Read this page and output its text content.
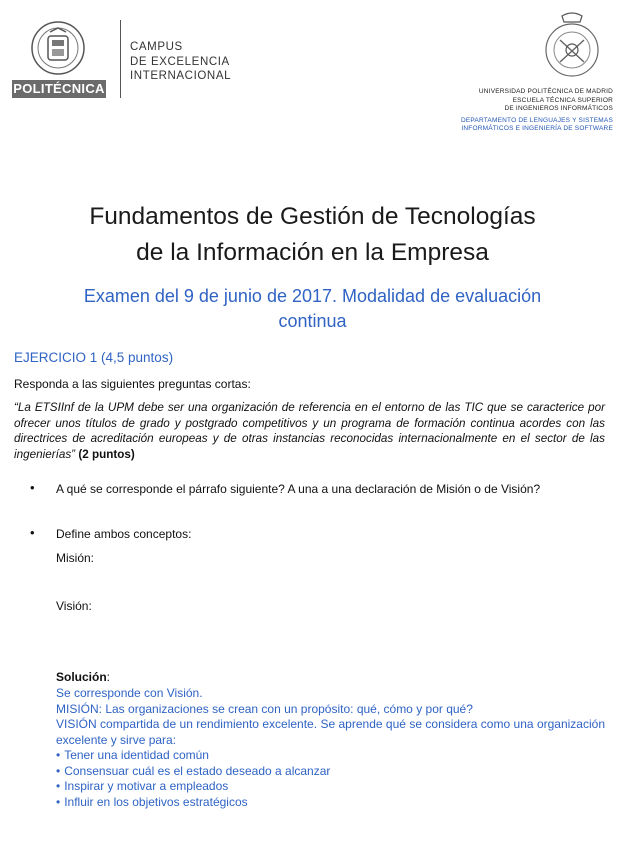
POLITÉCNICA
CAMPUS
DE EXCELENCIA
INTERNACIONAL
UNIVERSIDAD POLITÉCNICA DE MADRID
ESCUELA TÉCNICA SUPERIOR
DE INGENIEROS INFORMÁTICOS
DEPARTAMENTO DE LENGUAJES Y SISTEMAS
INFORMÁTICOS E INGENIERÍA DE SOFTWARE
Fundamentos de Gestión de Tecnologías
de la Información en la Empresa
Examen del 9 de junio de 2017. Modalidad de evaluación
continua
EJERCICIO 1 (4,5 puntos)
Responda a las siguientes preguntas cortas:
“La ETSIInf de la UPM debe ser una organización de referencia en el entorno de las TIC que se caracterice por ofrecer unos títulos de grado y postgrado competitivos y un programa de formación continua acordes con las directrices de acreditación europeas y de otras instancias reconocidas internacionalmente en el sector de las ingenierías” (2 puntos)
• A qué se corresponde el párrafo siguiente? A una a una declaración de Misión o de Visión?
• Define ambos conceptos:
Misión:
Visión:
Solución:

Se corresponde con Visión.

MISIÓN: Las organizaciones se crean con un propósito: qué, cómo y por qué?

VISIÓN compartida de un rendimiento excelente. Se aprende qué se considera como una organización excelente y sirve para:

• Tener una identidad común
• Consensuar cuál es el estado deseado a alcanzar
• Inspirar y motivar a empleados
• Influir en los objetivos estratégicos
